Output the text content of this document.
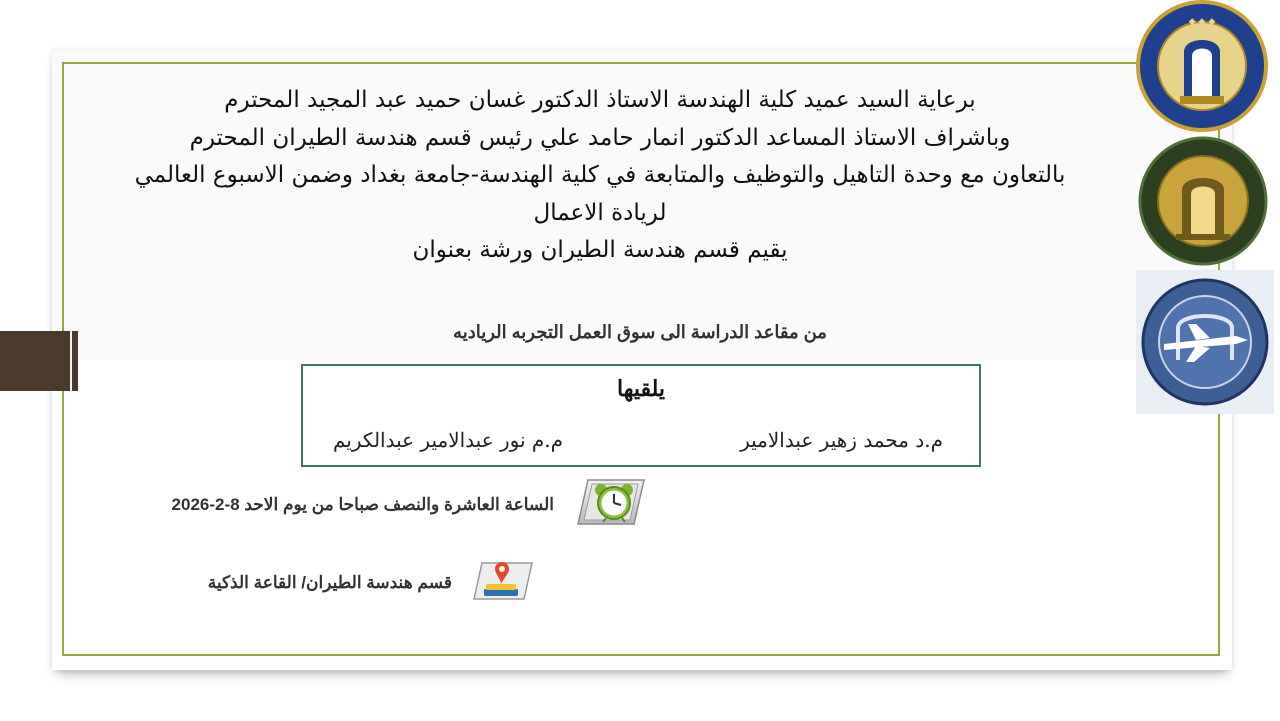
برعاية السيد عميد كلية الهندسة الاستاذ الدكتور غسان حميد عبد المجيد المحترم
وباشراف الاستاذ المساعد الدكتور انمار حامد علي رئيس قسم هندسة الطيران المحترم
بالتعاون مع وحدة التاهيل والتوظيف والمتابعة في كلية الهندسة-جامعة بغداد وضمن الاسبوع العالمي
لريادة الاعمال
يقيم قسم هندسة الطيران ورشة بعنوان
من مقاعد الدراسة الى سوق العمل التجربه الرياديه
يلقيها
م.د محمد زهير عبدالامير
م.م نور عبدالامير عبدالكريم
الساعة العاشرة والنصف صباحا من يوم الاحد 8-2-2026
قسم هندسة الطيران/ القاعة الذكية
◆ ◆ ◆
